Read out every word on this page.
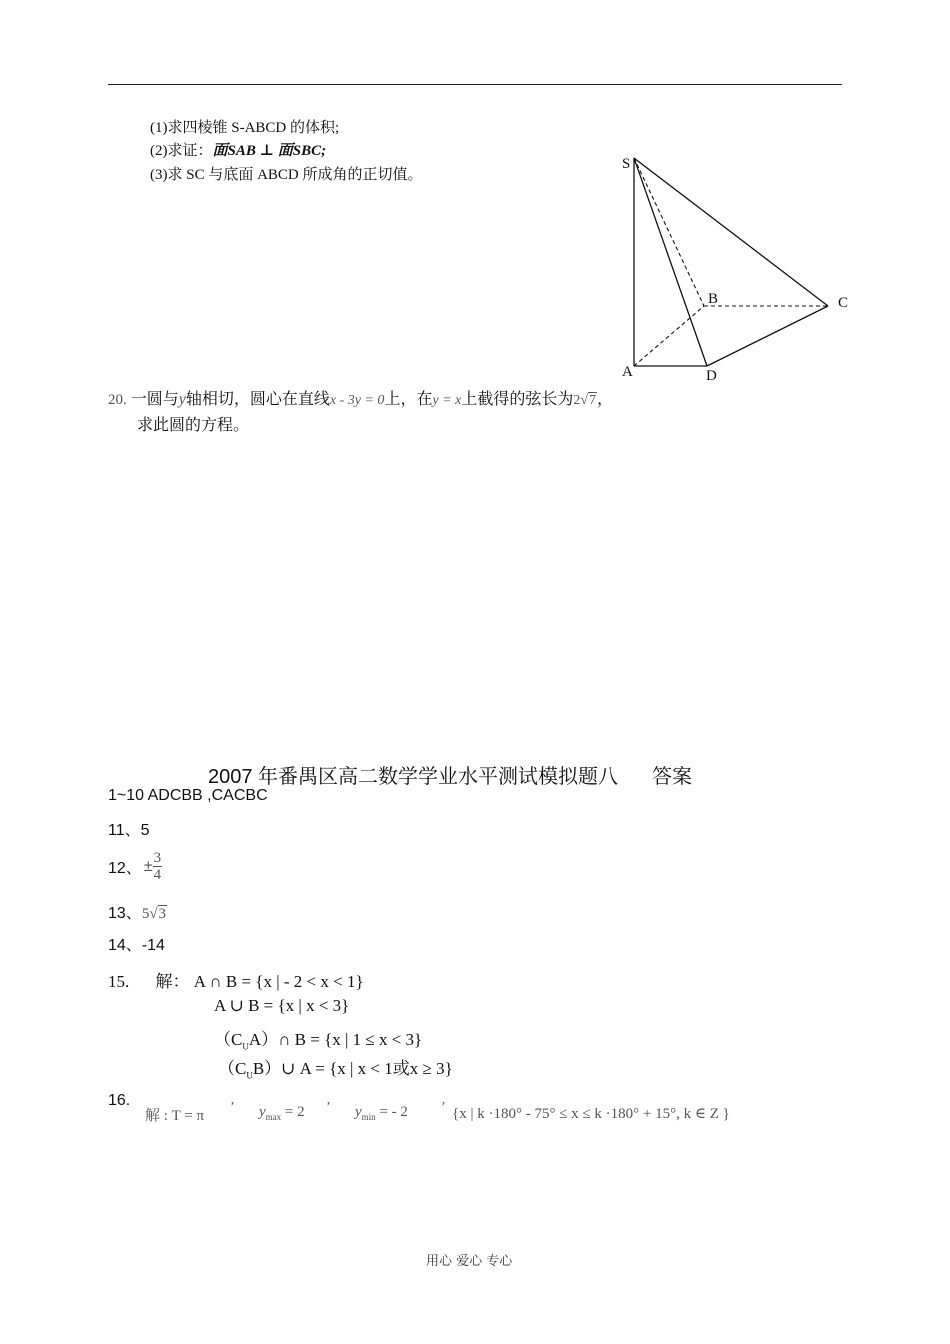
(1)求四棱锥 S-ABCD 的体积;
(2)求证：面SAB ⊥ 面SBC;
(3)求 SC 与底面 ABCD 所成角的正切值。
S
B	C
A	D
20. 一圆与y轴相切，圆心在直线x - 3y = 0上，在y = x上截得的弦长为2√7，
求此圆的方程。
2007 年番禺区高二数学学业水平测试模拟题八 答案
1~10 ADCBB ,CACBC
11、5
12、 ± $\frac{3}{4}$
13、5√3
14、-14
15. 解： A ∩ B = {x | - 2 < x < 1}
A ∪ B = {x | x < 3}
$(C_UA)\cap$ B = {x | 1 ≤ x < 3}
$(C_UB)\cup$ A = {x | x < 1或x ≥ 3}
16.
解 : T = π
’ $y_{max} = 2$ ’ $y_{min}$ = - 2 ’ {x | k ·180° - 75° ≤ x ≤ k ·180° + 15°, k ∈ Z }
用心 爱心 专心
